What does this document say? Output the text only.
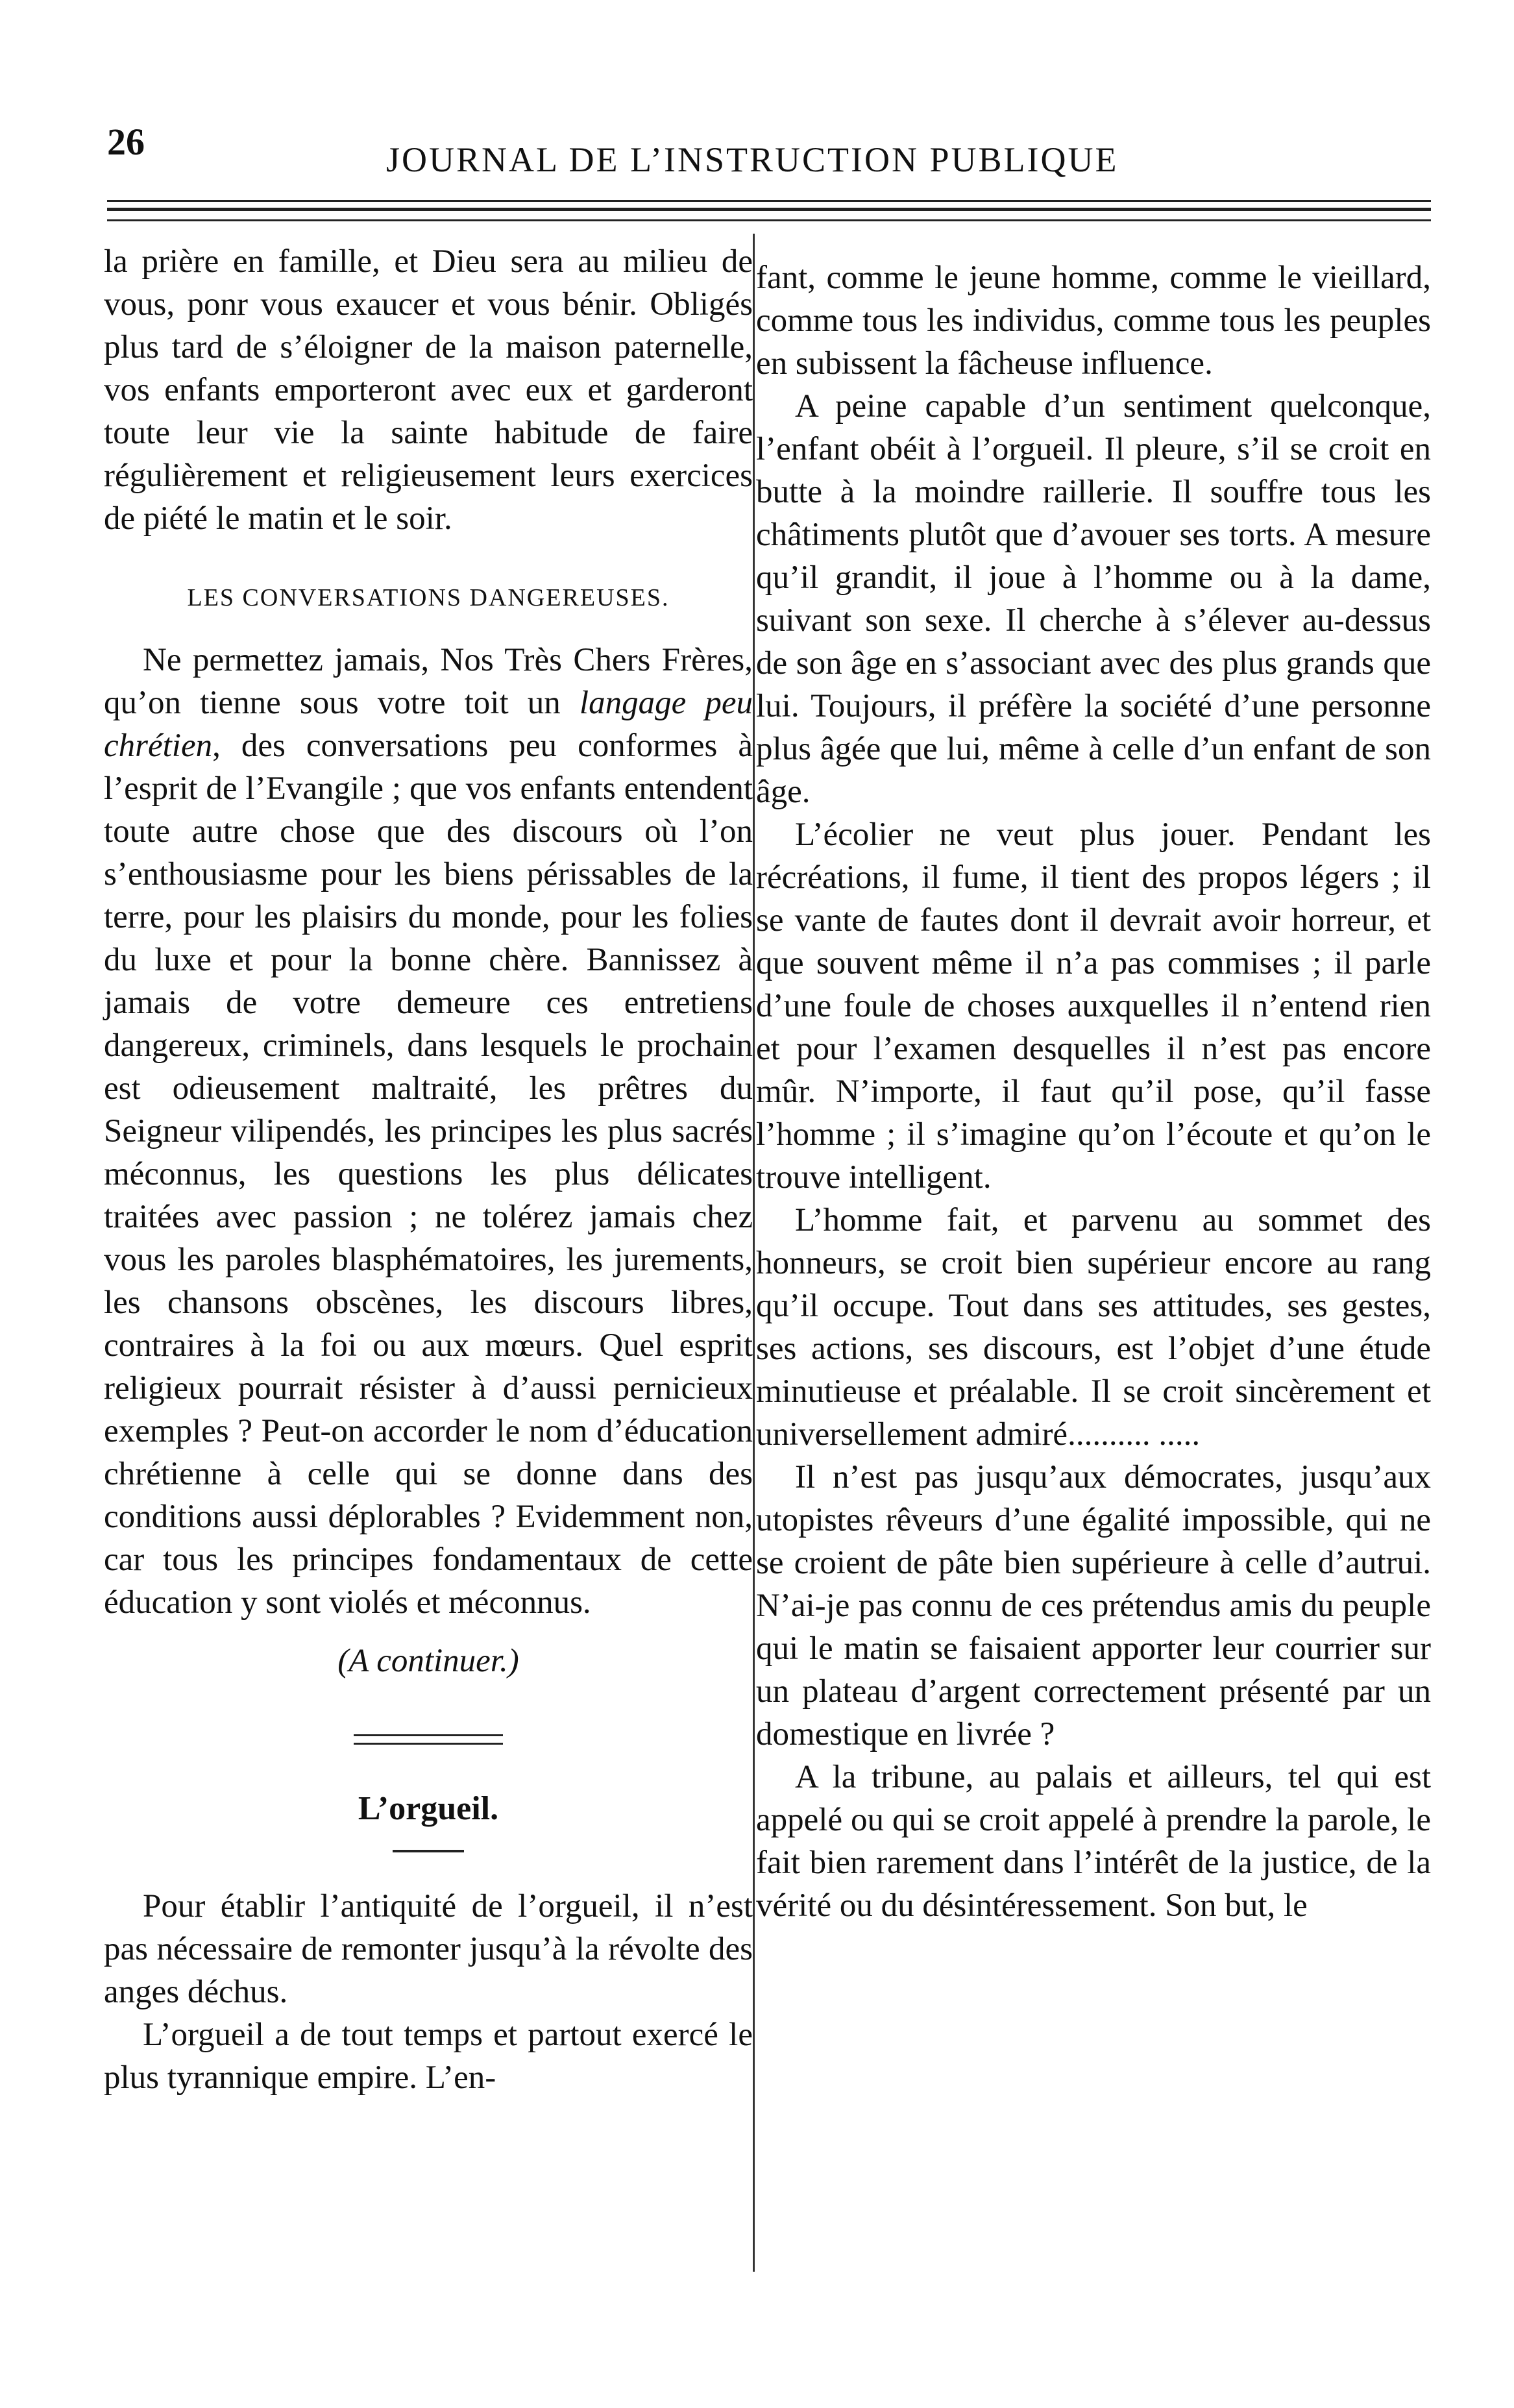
26	JOURNAL DE L’INSTRUCTION PUBLIQUE

la prière en famille, et Dieu sera au milieu de vous, ponr vous exaucer et vous bénir. Obligés plus tard de s’éloigner de la maison paternelle, vos enfants emporteront avec eux et garderont toute leur vie la sainte habitude de faire régulièrement et religieusement leurs exercices de piété le matin et le soir.

LES CONVERSATIONS DANGEREUSES.

Ne permettez jamais, Nos Très Chers Frères, qu’on tienne sous votre toit un langage peu chrétien, des conversations peu conformes à l’esprit de l’Evangile ; que vos enfants entendent toute autre chose que des discours où l’on s’enthousiasme pour les biens périssables de la terre, pour les plaisirs du monde, pour les folies du luxe et pour la bonne chère. Bannissez à jamais de votre demeure ces entretiens dangereux, criminels, dans lesquels le prochain est odieusement maltraité, les prêtres du Seigneur vilipendés, les principes les plus sacrés méconnus, les questions les plus délicates traitées avec passion ; ne tolérez jamais chez vous les paroles blasphématoires, les jurements, les chansons obscènes, les discours libres, contraires à la foi ou aux mœurs. Quel esprit religieux pourrait résister à d’aussi pernicieux exemples ? Peut-on accorder le nom d’éducation chrétienne à celle qui se donne dans des conditions aussi déplorables ? Evidemment non, car tous les principes fondamentaux de cette éducation y sont violés et méconnus.

(A continuer.)

L’orgueil.

Pour établir l’antiquité de l’orgueil, il n’est pas nécessaire de remonter jusqu’à la révolte des anges déchus.

L’orgueil a de tout temps et partout exercé le plus tyrannique empire. L’en-

fant, comme le jeune homme, comme le vieillard, comme tous les individus, comme tous les peuples en subissent la fâcheuse influence.

A peine capable d’un sentiment quelconque, l’enfant obéit à l’orgueil. Il pleure, s’il se croit en butte à la moindre raillerie. Il souffre tous les châtiments plutôt que d’avouer ses torts. A mesure qu’il grandit, il joue à l’homme ou à la dame, suivant son sexe. Il cherche à s’élever au-dessus de son âge en s’associant avec des plus grands que lui. Toujours, il préfère la société d’une personne plus âgée que lui, même à celle d’un enfant de son âge.

L’écolier ne veut plus jouer. Pendant les récréations, il fume, il tient des propos légers ; il se vante de fautes dont il devrait avoir horreur, et que souvent même il n’a pas commises ; il parle d’une foule de choses auxquelles il n’entend rien et pour l’examen desquelles il n’est pas encore mûr. N’importe, il faut qu’il pose, qu’il fasse l’homme ; il s’imagine qu’on l’écoute et qu’on le trouve intelligent.

L’homme fait, et parvenu au sommet des honneurs, se croit bien supérieur encore au rang qu’il occupe. Tout dans ses attitudes, ses gestes, ses actions, ses discours, est l’objet d’une étude minutieuse et préalable. Il se croit sincèrement et universellement admiré.......... .....

Il n’est pas jusqu’aux démocrates, jusqu’aux utopistes rêveurs d’une égalité impossible, qui ne se croient de pâte bien supérieure à celle d’autrui. N’ai-je pas connu de ces prétendus amis du peuple qui le matin se faisaient apporter leur courrier sur un plateau d’argent correctement présenté par un domestique en livrée ?

A la tribune, au palais et ailleurs, tel qui est appelé ou qui se croit appelé à prendre la parole, le fait bien rarement dans l’intérêt de la justice, de la vérité ou du désintéressement. Son but, le
